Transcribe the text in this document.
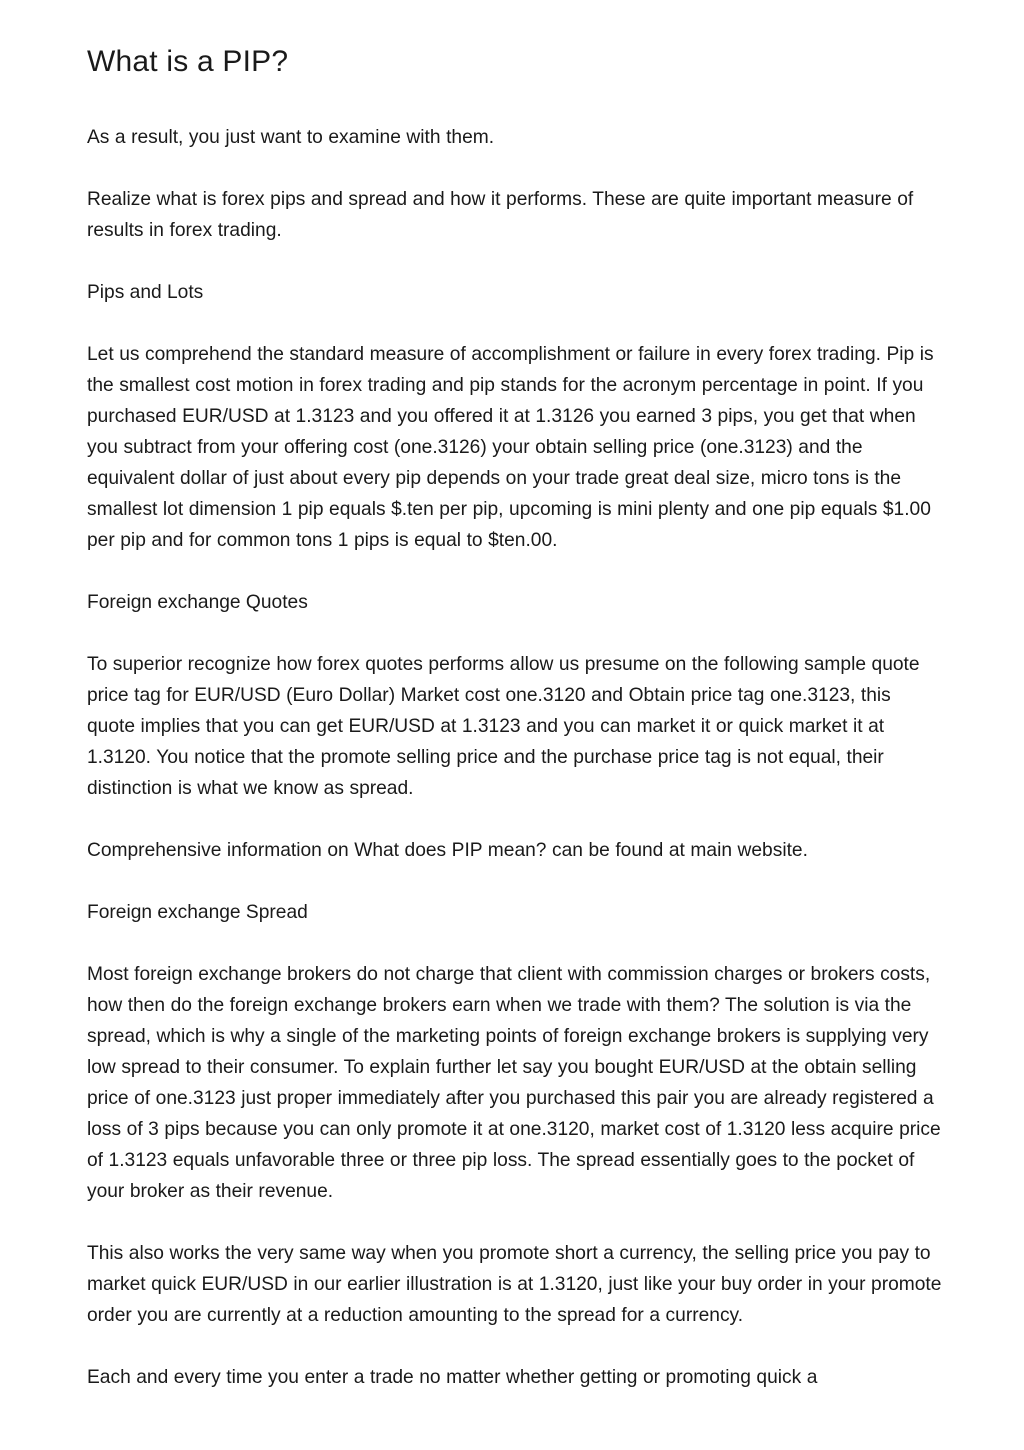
What is a PIP?

As a result, you just want to examine with them.

Realize what is forex pips and spread and how it performs. These are quite important measure of results in forex trading.

Pips and Lots

Let us comprehend the standard measure of accomplishment or failure in every forex trading. Pip is the smallest cost motion in forex trading and pip stands for the acronym percentage in point. If you purchased EUR/USD at 1.3123 and you offered it at 1.3126 you earned 3 pips, you get that when you subtract from your offering cost (one.3126) your obtain selling price (one.3123) and the equivalent dollar of just about every pip depends on your trade great deal size, micro tons is the smallest lot dimension 1 pip equals $.ten per pip, upcoming is mini plenty and one pip equals $1.00 per pip and for common tons 1 pips is equal to $ten.00.

Foreign exchange Quotes

To superior recognize how forex quotes performs allow us presume on the following sample quote price tag for EUR/USD (Euro Dollar) Market cost one.3120 and Obtain price tag one.3123, this quote implies that you can get EUR/USD at 1.3123 and you can market it or quick market it at 1.3120. You notice that the promote selling price and the purchase price tag is not equal, their distinction is what we know as spread.

Comprehensive information on What does PIP mean? can be found at main website.

Foreign exchange Spread

Most foreign exchange brokers do not charge that client with commission charges or brokers costs, how then do the foreign exchange brokers earn when we trade with them? The solution is via the spread, which is why a single of the marketing points of foreign exchange brokers is supplying very low spread to their consumer. To explain further let say you bought EUR/USD at the obtain selling price of one.3123 just proper immediately after you purchased this pair you are already registered a loss of 3 pips because you can only promote it at one.3120, market cost of 1.3120 less acquire price of 1.3123 equals unfavorable three or three pip loss. The spread essentially goes to the pocket of your broker as their revenue.

This also works the very same way when you promote short a currency, the selling price you pay to market quick EUR/USD in our earlier illustration is at 1.3120, just like your buy order in your promote order you are currently at a reduction amounting to the spread for a currency.

Each and every time you enter a trade no matter whether getting or promoting quick a
